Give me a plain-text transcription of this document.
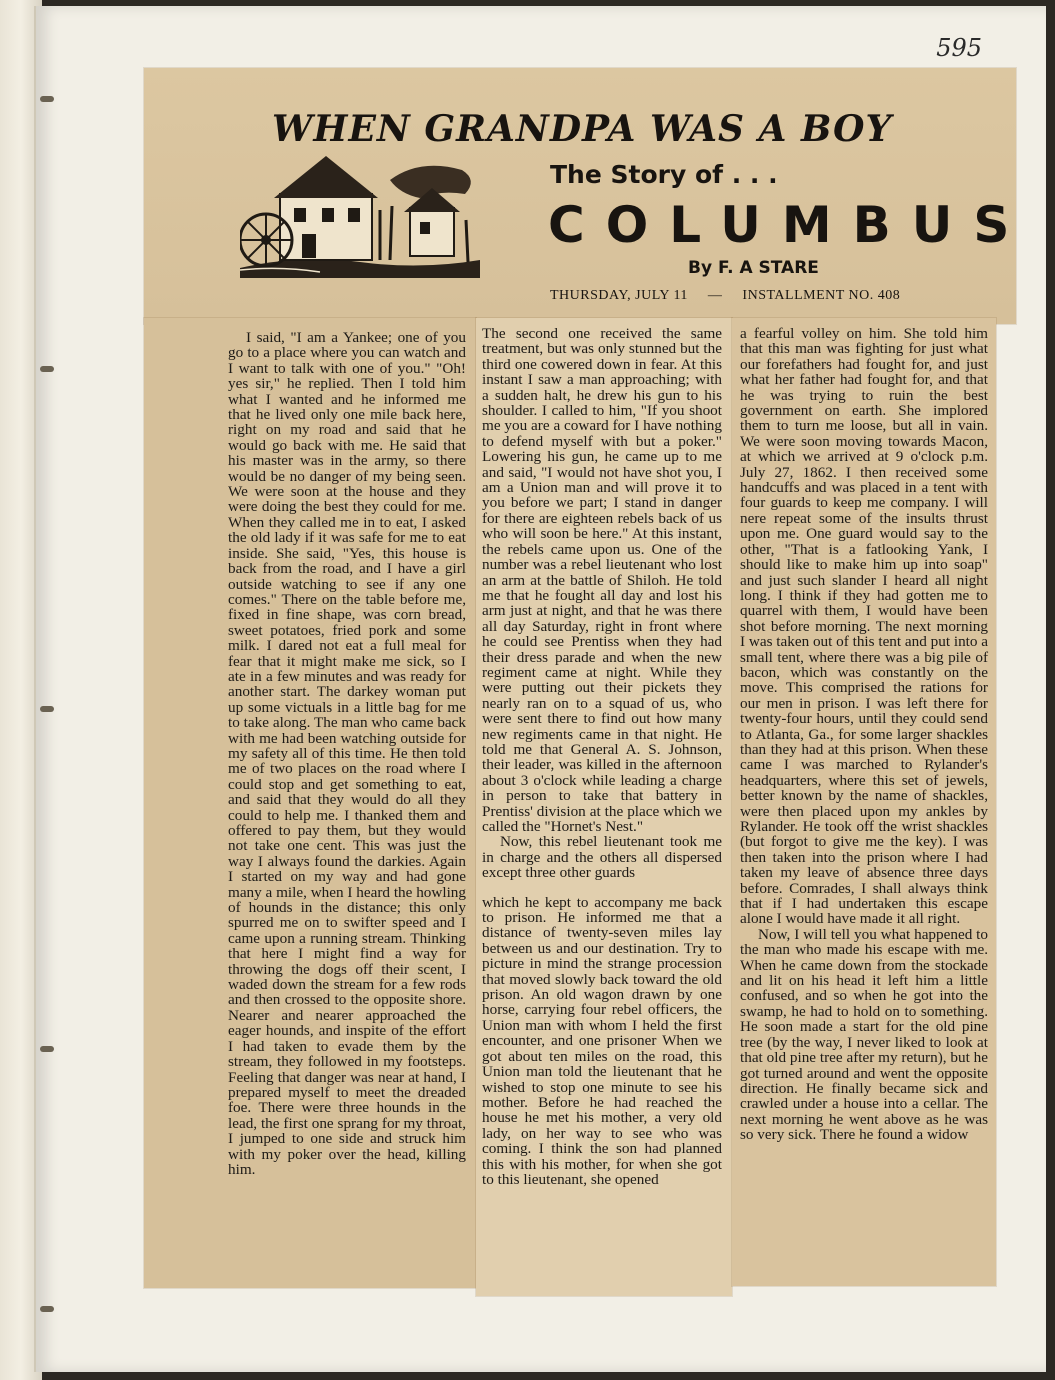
595
WHEN GRANDPA WAS A BOY
The Story of . . .
COLUMBUS
By F. A STARE
THURSDAY, JULY 11 — INSTALLMENT NO. 408

I said, "I am a Yankee; one of you go to a place where you can watch and I want to talk with one of you." "Oh! yes sir," he replied. Then I told him what I wanted and he informed me that he lived only one mile back here, right on my road and said that he would go back with me. He said that his master was in the army, so there would be no danger of my being seen. We were soon at the house and they were doing the best they could for me. When they called me in to eat, I asked the old lady if it was safe for me to eat inside. She said, "Yes, this house is back from the road, and I have a girl outside watching to see if any one comes." There on the table before me, fixed in fine shape, was corn bread, sweet potatoes, fried pork and some milk. I dared not eat a full meal for fear that it might make me sick, so I ate in a few minutes and was ready for another start. The darkey woman put up some victuals in a little bag for me to take along. The man who came back with me had been watching outside for my safety all of this time. He then told me of two places on the road where I could stop and get something to eat, and said that they would do all they could to help me. I thanked them and offered to pay them, but they would not take one cent. This was just the way I always found the darkies. Again I started on my way and had gone many a mile, when I heard the howling of hounds in the distance; this only spurred me on to swifter speed and I came upon a running stream. Thinking that here I might find a way for throwing the dogs off their scent, I waded down the stream for a few rods and then crossed to the opposite shore. Nearer and nearer approached the eager hounds, and inspite of the effort I had taken to evade them by the stream, they followed in my footsteps. Feeling that danger was near at hand, I prepared myself to meet the dreaded foe. There were three hounds in the lead, the first one sprang for my throat, I jumped to one side and struck him with my poker over the head, killing him.

The second one received the same treatment, but was only stunned but the third one cowered down in fear. At this instant I saw a man approaching; with a sudden halt, he drew his gun to his shoulder. I called to him, "If you shoot me you are a coward for I have nothing to defend myself with but a poker." Lowering his gun, he came up to me and said, "I would not have shot you, I am a Union man and will prove it to you before we part; I stand in danger for there are eighteen rebels back of us who will soon be here." At this instant, the rebels came upon us. One of the number was a rebel lieutenant who lost an arm at the battle of Shiloh. He told me that he fought all day and lost his arm just at night, and that he was there all day Saturday, right in front where he could see Prentiss when they had their dress parade and when the new regiment came at night. While they were putting out their pickets they nearly ran on to a squad of us, who were sent there to find out how many new regiments came in that night. He told me that General A. S. Johnson, their leader, was killed in the afternoon about 3 o'clock while leading a charge in person to take that battery in Prentiss' division at the place which we called the "Hornet's Nest."

Now, this rebel lieutenant took me in charge and the others all dispersed except three other guards

which he kept to accompany me back to prison. He informed me that a distance of twenty-seven miles lay between us and our destination. Try to picture in mind the strange procession that moved slowly back toward the old prison. An old wagon drawn by one horse, carrying four rebel officers, the Union man with whom I held the first encounter, and one prisoner When we got about ten miles on the road, this Union man told the lieutenant that he wished to stop one minute to see his mother. Before he had reached the house he met his mother, a very old lady, on her way to see who was coming. I think the son had planned this with his mother, for when she got to this lieutenant, she opened

a fearful volley on him. She told him that this man was fighting for just what our forefathers had fought for, and just what her father had fought for, and that he was trying to ruin the best government on earth. She implored them to turn me loose, but all in vain. We were soon moving towards Macon, at which we arrived at 9 o'clock p.m. July 27, 1862. I then received some handcuffs and was placed in a tent with four guards to keep me company. I will nere repeat some of the insults thrust upon me. One guard would say to the other, "That is a fatlooking Yank, I should like to make him up into soap" and just such slander I heard all night long. I think if they had gotten me to quarrel with them, I would have been shot before morning. The next morning I was taken out of this tent and put into a small tent, where there was a big pile of bacon, which was constantly on the move. This comprised the rations for our men in prison. I was left there for twenty-four hours, until they could send to Atlanta, Ga., for some larger shackles than they had at this prison. When these came I was marched to Rylander's headquarters, where this set of jewels, better known by the name of shackles, were then placed upon my ankles by Rylander. He took off the wrist shackles (but forgot to give me the key). I was then taken into the prison where I had taken my leave of absence three days before. Comrades, I shall always think that if I had undertaken this escape alone I would have made it all right.

Now, I will tell you what happened to the man who made his escape with me. When he came down from the stockade and lit on his head it left him a little confused, and so when he got into the swamp, he had to hold on to something. He soon made a start for the old pine tree (by the way, I never liked to look at that old pine tree after my return), but he got turned around and went the opposite direction. He finally became sick and crawled under a house into a cellar. The next morning he went above as he was so very sick. There he found a widow
